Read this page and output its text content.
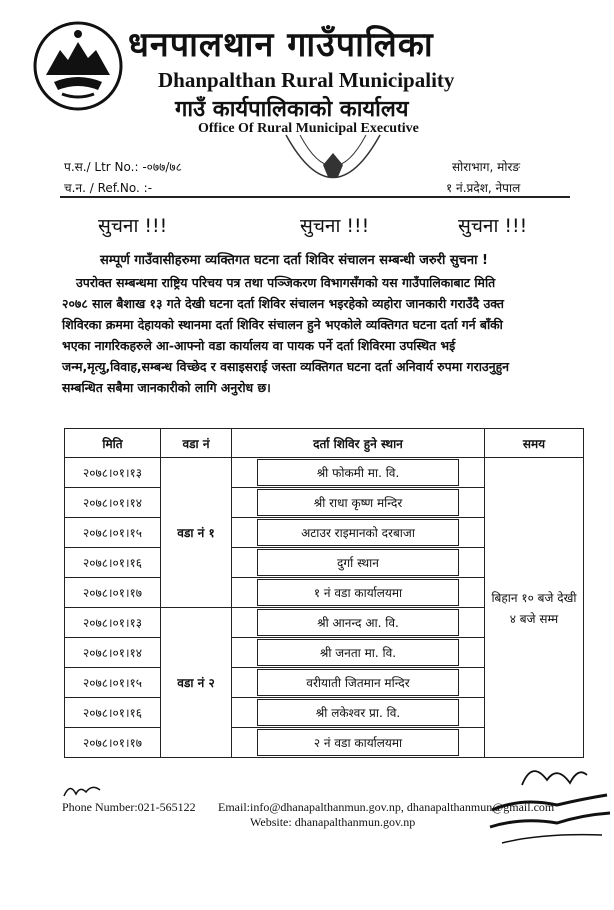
धनपालथान गाउँपालिका
Dhanpalthan Rural Municipality
गाउँ कार्यपालिकाको कार्यालय
Office Of Rural Municipal Executive
प.स./ Ltr No.: -०७७/७८
च.न. / Ref.No. :-
सोराभाग, मोरङ
१ नं.प्रदेश, नेपाल
सुचना !!!	सुचना !!!	सुचना !!!
सम्पूर्ण गाउँवासीहरुमा व्यक्तिगत घटना दर्ता शिविर संचालन सम्बन्धी जरुरी सुचना !
उपरोक्त सम्बन्धमा राष्ट्रिय परिचय पत्र तथा पञ्जिकरण विभागसँगको यस गाउँपालिकाबाट मिति
२०७८ साल बैशाख १३ गते देखी घटना दर्ता शिविर संचालन भइरहेको व्यहोरा जानकारी गराउँदै उक्त
शिविरका क्रममा देहायको स्थानमा दर्ता शिविर संचालन हुने भएकोले व्यक्तिगत घटना दर्ता गर्न बाँकी
भएका नागरिकहरुले आ-आफ्नो वडा कार्यालय वा पायक पर्ने दर्ता शिविरमा उपस्थित भई
जन्म,मृत्यु,विवाह,सम्बन्ध विच्छेद र वसाइसराई जस्ता व्यक्तिगत घटना दर्ता अनिवार्य रुपमा गराउनुहुन
सम्बन्धित सबैमा जानकारीको लागि अनुरोध छ।
मिति	वडा नं	दर्ता शिविर हुने स्थान	समय
२०७८।०१।१३	वडा नं १	श्री फोकमी मा. वि.	बिहान १० बजे देखी
४ बजे सम्म

२०७८।०१।१४		श्री राधा कृष्ण मन्दिर	
२०७८।०१।१५		अटाउर राइमानको दरबाजा	
२०७८।०१।१६		दुर्गा स्थान	
२०७८।०१।१७		१ नं वडा कार्यालयमा	
२०७८।०१।१३	वडा नं २	श्री आनन्द आ. वि.	
२०७८।०१।१४		श्री जनता मा. वि.	
२०७८।०१।१५		वरीयाती जितमान मन्दिर	
२०७८।०१।१६		श्री लकेश्वर प्रा. वि.	
२०७८।०१।१७		२ नं वडा कार्यालयमा	
Phone Number:021-565122 Email:info@dhanapalthanmun.gov.np, dhanapalthanmun@gmail.com
Website: dhanapalthanmun.gov.np
